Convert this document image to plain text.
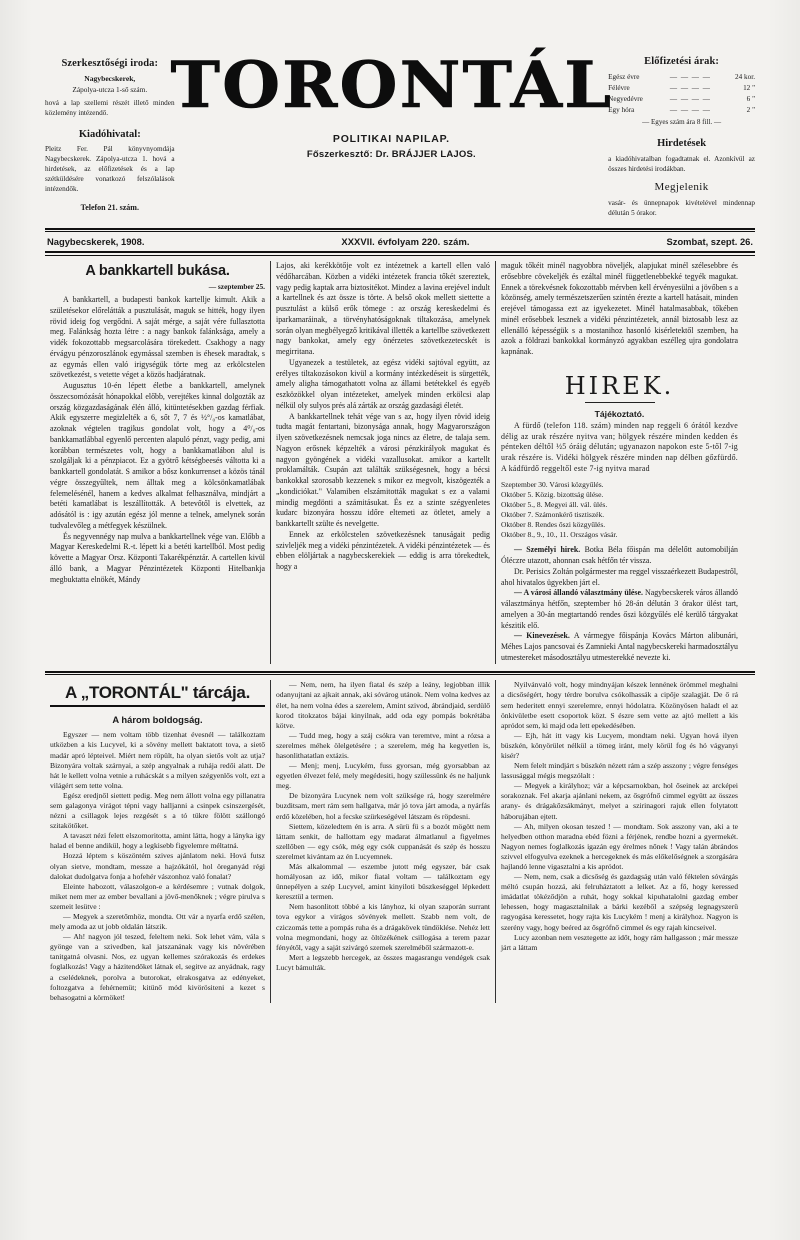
Szerkesztőségi iroda:
Nagybecskerek,
Zápolya-utcza 1-ső szám.
hová a lap szellemi részét illető minden közlemény intézendő.
Kiadóhivatal:
Pleitz Fer. Pál könyvnyomdája Nagybecskerek. Zápolya-utcza 1. hová a hirdetések, az előfizetések és a lap szétküldésére vonatkozó felszólalások intézendők.
Telefon 21. szám.
TORONTÁL
POLITIKAI NAPILAP.
Főszerkesztő: Dr. BRÁJJER LAJOS.
Előfizetési árak:
Egész évre	— — — —	24 kor.
Félévre	— — — —	12 "
Negyedévre	— — — —	6 "
Egy hóra	— — — —	2 "
— Egyes szám ára 8 fill. —
Hirdetések
a kiadóhivatalban fogadtatnak el. Azonkívül az összes hirdetési irodákban.
Megjelenik
vasár- és ünnepnapok kivételével mindennap délután 5 órakor.
Nagybecskerek, 1908.	XXXVII. évfolyam 220. szám.	Szombat, szept. 26.
A bankkartell bukása.
— szeptember 25.

A bankkartell, a budapesti bankok kartellje kimult. Akik a születésekor előrelátták a pusztulását, maguk se hitték, hogy ilyen rövid ideig fog vergődni. A saját mérge, a saját vére fullasztotta meg. Falánkság hozta létre : a nagy bankok falánksága, amely a vidék fokozottabb megsarcolására törekedett. Csakhogy a nagy érvágyu pénzoroszlánok egymással szemben is éhesek maradtak, s az egymás ellen való irigységük törte meg az erkölcstelen szövetkezést, s vetette véget a közös hadjáratnak.

Augusztus 10-én lépett életbe a bankkartell, amelynek összecsomózását hónapokkal előbb, verejtékes kinnal dolgozták az ország közgazdaságának élén álló, kitüntetésekben gazdag férfiak. Akik egyszerre megizlelték a 6, sőt 7, 7 és ½°/₀-os kamatlábat, azoknak végtelen tragikus gondolat volt, hogy a 4⁰/₀-os bankkamatlábbal egyenlő percenten alapuló pénzt, vagy pedig, ami korábban természetes volt, hogy a bankkamatlábon alul is szolgáljak ki a pénzpiacot. Ez a gyötrő kétségbeesés váltotta ki a bankkartell gondolatát. S amikor a bősz konkurrenset a közös tánál végre összegyűltek, nem álltak meg a kölcsönkamatlábak felemelésénél, hanem a kedves alkalmat felhasználva, mindjárt a betéti kamatlábat is leszállították. A betevőtől is elvettek, az adósától is : igy azután egész jól menne a telnek, amelynek során tudvalevőleg a métfegyek készülnek.

És negyvennégy nap mulva a bankkartellnek vége van. Előbb a Magyar Kereskedelmi R.-t. lépett ki a betéti kartellból. Most pedig követte a Magyar Orsz. Központi Takarékpénztár. A cartellen kivül álló bank, a Magyar Pénzintézetek Központi Hitelbankja megbuktatta elnökét, Mándy

Lajos, aki kerékkötője volt ez intézetnek a kartell ellen való védőharcában. Közben a vidéki intézetek francia tőkét szereztek, vagy pedig kaptak arra biztositékot. Mindez a lavina erejével indult a kartellnek és azt össze is törte. A belső okok mellett siettette a pusztulást a külső erők tömege : az ország kereskedelmi és iparkamaráinak, a törvényhatóságoknak tiltakozása, amelynek során olyan megbélyegző kritikával illették a kartellbe szövetkezett nagy bankokat, amely egy önérzetes szövetkezetecskét is megirritana.

Ugyanezek a testületek, az egész vidéki sajtóval együtt, az erélyes tiltakozásokon kivül a kormány intézkedéseit is sürgették, amely aligha támogathatott volna az állami betétekkel és egyéb eszközökkel olyan intézeteket, amelyek minden erkölcsi alap nélkül oly sulyos prés alá zárták az ország gazdasági életét.

A bankkartellnek tehát vége van s az, hogy ilyen rövid ideig tudta magát fentartani, bizonysága annak, hogy Magyarországon ilyen szövetkezésnek nemcsak joga nincs az életre, de talaja sem. Nagyon erősnek képzelték a városi pénzkirályok magukat és nagyon gyöngének a vidéki vazallusokat. amikor a kartellt proklamálták. Csupán azt találták szükségesnek, hogy a bécsi bankokkal szorosabb kezzenek s mikor ez megvolt, kiszögezték a „kondiciókat." Valamiben elszámitották magukat s ez a valami mindig megdönti a számitásukat. És ez a szinte szégyenletes kudarc bizonyára hosszu időre eltemeti az ötletet, amely a bankkartellt szülte és nevelgette.

Ennek az erkölcstelen szövetkezésnek tanuságait pedig szivleljék meg a vidéki pénzintézetek. A vidéki pénzintézetek — és ebben elöljártak a nagybecskerekiek — eddig is arra törekedtek, hogy a

maguk tőkéit minél nagyobbra növeljék, alapjukat minél szélesebbre és erősebbre cövekeljék és ezáltal minél függetlenebbekké tegyék magukat. Ennek a törekvésnek fokozottabb mérvben kell érvényesülni a jövőben s a közönség, amely természetszerűen szintén érezte a kartell hatásait, minden erejével támogassa ezt az igyekezetet. Minél hatalmasabbak, tőkében minél erősebbek lesznek a vidéki pénzintézetek, annál biztosabb lesz az ellenálló képességük s a mostanihoz hasonló kisérletektől szemben, ha azok a földrazi bankokkal kormányzó agyakban eszélleg ujra gondolatra kapnának.

HIREK.
Tájékoztató.

A fürdő (telefon 118. szám) minden nap reggeli 6 órától kezdve délig az urak részére nyitva van; hölgyek részére minden kedden és pénteken déltől ½5 óráig délután; ugyanazon napokon este 5-től 7-ig urak részére is. Vidéki hölgyek részére minden nap délben gőzfürdő. A kádfürdő reggeltől este 7-ig nyitva marad

Szeptember 30. Városi közgyűlés.
Október 5. Közig. bizottság ülése.
Október 5., 8. Megyei áll. vál. ülés.
Október 7. Számonkérő tisztiszék.
Október 8. Rendes őszi közgyűlés.
Október 8., 9., 10., 11. Országos vásár.

— Személyi hirek. Botka Béla főispán ma délelőtt automobilján Óléczre utazott, ahonnan csak hétfőn tér vissza.

Dr. Perisics Zoltán polgármester ma reggel visszaérkezett Budapestről, ahol hivatalos ügyekben járt el.

— A városi állandó választmány ülése. Nagybecskerek város állandó választmánya hétfőn, szeptember hó 28-án délután 3 órakor ülést tart, amelyen a 30-án megtartandó rendes őszi közgyűlés elé kerülő tárgyakat készitik elő.

— Kinevezések. A vármegye főispánja Kovács Márton alibunári, Méhes Lajos pancsovai és Zamnieki Antal nagybecskereki harmadosztályu utmestereket másodosztályu utmesterekké nevezte ki.

A „TORONTÁL" tárcája.
A három boldogság.

Egyszer — nem voltam több tizenhat évesnél — találkoztam utközben a kis Lucyvel, ki a sövény mellett baktatott tova, a siető madár apró lépteivel. Miért nem röpült, ha olyan sietős volt az utja? Bizonyára voltak szárnyai, a szép angyalnak a ruhája redői alatt. De hát le kellett volna vetnie a ruhácskát s a milyen szégyenlős volt, ezt a világért sem tette volna.

Egész eredjnől siettett pedig. Meg nem állott volna egy pillanatra sem galagonya virágot tépni vagy halljanni a csinpek csinszergését, nézni a csillagok lejes rezgését s a tó tükre fölött szállongó szitakötőket.

A tavaszt nézi felett elszomoritotta, amint látta, hogy a lányka igy halad el benne andikül, hogy a legkisebb figyelemre méltatná.

Hozzá léptem s köszöntém szives ajánlatom neki. Hová futsz olyan sietve, mondtam, messze a hajzókától, hol öreganyád régi dalokat dudolgatva fonja a hofehér vászonhoz való fonalat?

Eleinte habozott, válaszolgon-e a kérdésemre ; vutnak dolgok, miket nem mer az ember bevallani a jövő-menőknek ; végre pirulva s szemeit lesütve :

— Megyek a szeretőmhöz, mondta. Ott vár a nyarfa erdő szélen, mely amoda az ut jobb oldalán látszik.

— Ah! nagyon jól teszed, feleltem neki. Sok lehet vám, vála s gyönge van a szivedben, kal jatszanának vagy kis növérében tanitgatná olvasni. Nos, ez ugyan kellemes szórakozás és erdekes foglalkozás! Vagy a házitendőket látnak el, segitve az anyádnak, ragy a cselédeknek, porolva a butorokat, elrakosgatva az edényeket, foltozgatva a fehérnemüt; kitünő mód kivörösiteni a kezet s behasogatni a körmöket!

— Nem, nem, ha ilyen fiatal és szép a leány, legjobban illik odanyujtani az ajkait annak, aki sóvárog utánok. Nem volna kedves az élet, ha nem volna édes a szerelem, Amint szivod, ábrándjaid, serdülő korod titokzatos bájai kinyilnak, add oda egy pompás bokrétába kötve.

— Tudd meg, hogy a száj csókra van teremtve, mint a rózsa a szerelmes méhek ölelgetésére ; a szerelem, még ha kegyetlen is, hasonlithatatlan extázis.

— Menj; menj, Lucykém, fuss gyorsan, még gyorsabban az egyetlen élvezet felé, mely megédesiti, hogy szülessünk és ne haljunk meg.

De bizonyára Lucynek nem volt szüksége rá, hogy szerelmére buzditsam, mert rám sem hallgatva, már jó tova járt amoda, a nyárfás erdő közelében, hol a fecske szürkeségével látszam és röpdesni.

Siettem, közeledtem én is arra. A sürü fü s a bozót mögött nem láttam senkit, de hallottam egy madarat álmatlanul a figyelmes szellőben — egy csók, még egy csók cuppanását és szép és hosszu szerelmet kivántam az én Lucyemnek.

Más alkalommal — eszembe jutott még egyszer, bár csak homályosan az idő, mikor fiatal voltam — találkoztam egy ünnepélyen a szép Lucyvel, amint kinyiloti büszkeséggel lépkedett keresztül a termen.

Nem hasonlitott többé a kis lányhoz, ki olyan szaporán surrant tova egykor a virágos sövények mellett. Szabb nem volt, de cziczomás tette a pompás ruha és a drágakövek tündöklése. Nehéz lett volna megmondani, hogy az öltözékének csillogása a terem pazar fényétől, vagy a saját szivárgó szemek szerelméből származott-e.

Mert a legszebb hercegek, az összes magasrangu vendégek csak Lucyt bámulták.

Nyilvánvaló volt, hogy mindnyájan készek lennének örömmel meghalni a dicsőségért, hogy térdre borulva csókolhassák a cipője szalagját. De ő rá sem hederitett ennyi szerelemre, ennyi hódolatra. Közönyösen haladt el az önkivületbe esett csoportok közt. S észre sem vette az ajtó mellett a kis apródot sem, ki majd oda lett epekedésében.

— Ejh, hát itt vagy kis Lucyem, mondtam neki. Ugyan hová ilyen büszkén, könyörület nélkül a tömeg iránt, mely körül fog és hó vágyanyi kisér?

Nem felelt mindjárt s büszkén nézett rám a szép asszony ; végre fenséges lassusággal mégis megszólalt :

— Megyek a királyhoz; vár a képcsarnokban, hol őseinek az arcképei sorakoznak. Fel akarja ajánlani nekem, az ősgrófnő cimmel együtt az összes arany- és drágakőzsákmányt, melyet a szirinagori rajuk ellen folytatott háborujában ejtett.

— Ah, milyen okosan teszed ! — mondtam. Sok asszony van, aki a te helyedben otthon maradna ebéd fözni a férjének, rendbe hozni a gyermekét. Nagyon nemes foglalkozás igazán egy érelmes nőnek ! Vagy talán ábrándos szivvel elfogyulva ezeknek a hercegeknek és más előkelőségnek a szorgására hajlandó lenne vigasztalni a kis apródot.

— Nem, nem, csak a dicsőség és gazdagság után való féktelen sóvárgás méltó csupán hozzá, aki felruháztatott a lelket. Az a fő, hogy keressed imádatlat tökéződjön a ruhát, hogy sokkal kipuhatalolni gazdag ember lehessen, hogy magasztalnilak a bárki kezéből a szépség legnagyszerü ragyogása keressetet, hogy rajta kis Lucykém ! menj a királyhoz. Nagyon is szerény vagy, hogy beéred az ősgrófnő cimmel és egy rajah kincseivel.

Lucy azonban nem vesztegette az időt, hogy rám hallgasson ; már messze járt a láttam
